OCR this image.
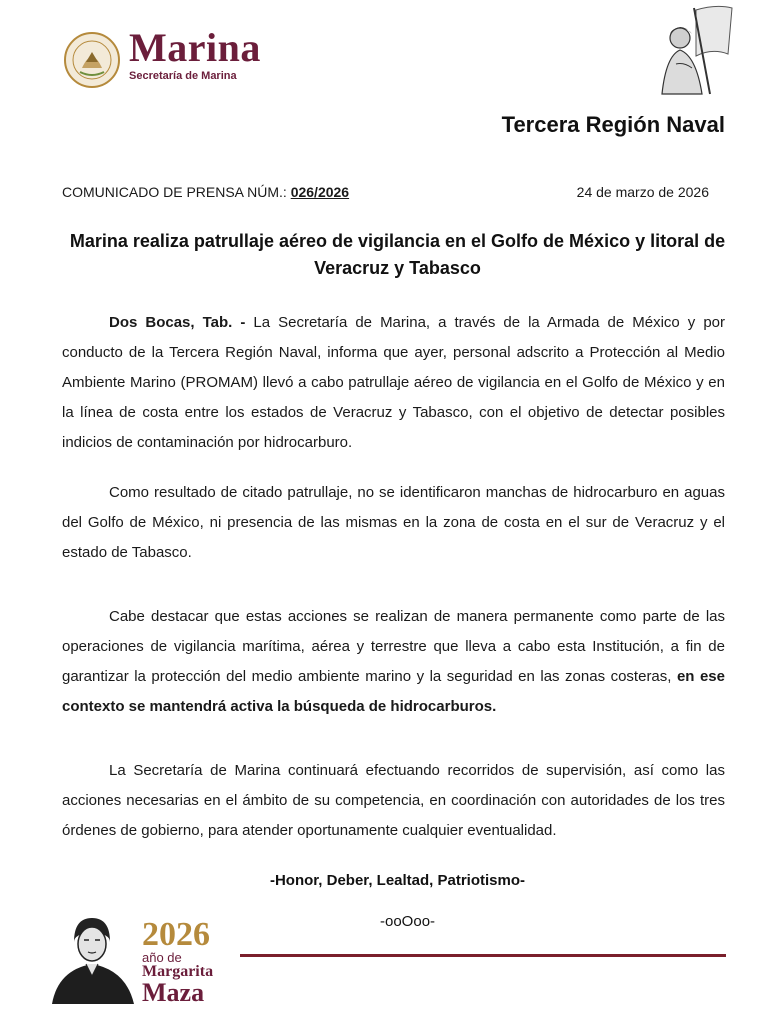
Marina
Secretaría de Marina
Tercera Región Naval
COMUNICADO DE PRENSA NÚM.: 026/2026	24 de marzo de 2026
Marina realiza patrullaje aéreo de vigilancia en el Golfo de México y litoral de Veracruz y Tabasco

Dos Bocas, Tab. - La Secretaría de Marina, a través de la Armada de México y por conducto de la Tercera Región Naval, informa que ayer, personal adscrito a Protección al Medio Ambiente Marino (PROMAM) llevó a cabo patrullaje aéreo de vigilancia en el Golfo de México y en la línea de costa entre los estados de Veracruz y Tabasco, con el objetivo de detectar posibles indicios de contaminación por hidrocarburo.

Como resultado de citado patrullaje, no se identificaron manchas de hidrocarburo en aguas del Golfo de México, ni presencia de las mismas en la zona de costa en el sur de Veracruz y el estado de Tabasco.

Cabe destacar que estas acciones se realizan de manera permanente como parte de las operaciones de vigilancia marítima, aérea y terrestre que lleva a cabo esta Institución, a fin de garantizar la protección del medio ambiente marino y la seguridad en las zonas costeras, en ese contexto se mantendrá activa la búsqueda de hidrocarburos.

La Secretaría de Marina continuará efectuando recorridos de supervisión, así como las acciones necesarias en el ámbito de su competencia, en coordinación con autoridades de los tres órdenes de gobierno, para atender oportunamente cualquier eventualidad.

-Honor, Deber, Lealtad, Patriotismo-
-ooOoo-
2026
año de
Margarita
Maza
